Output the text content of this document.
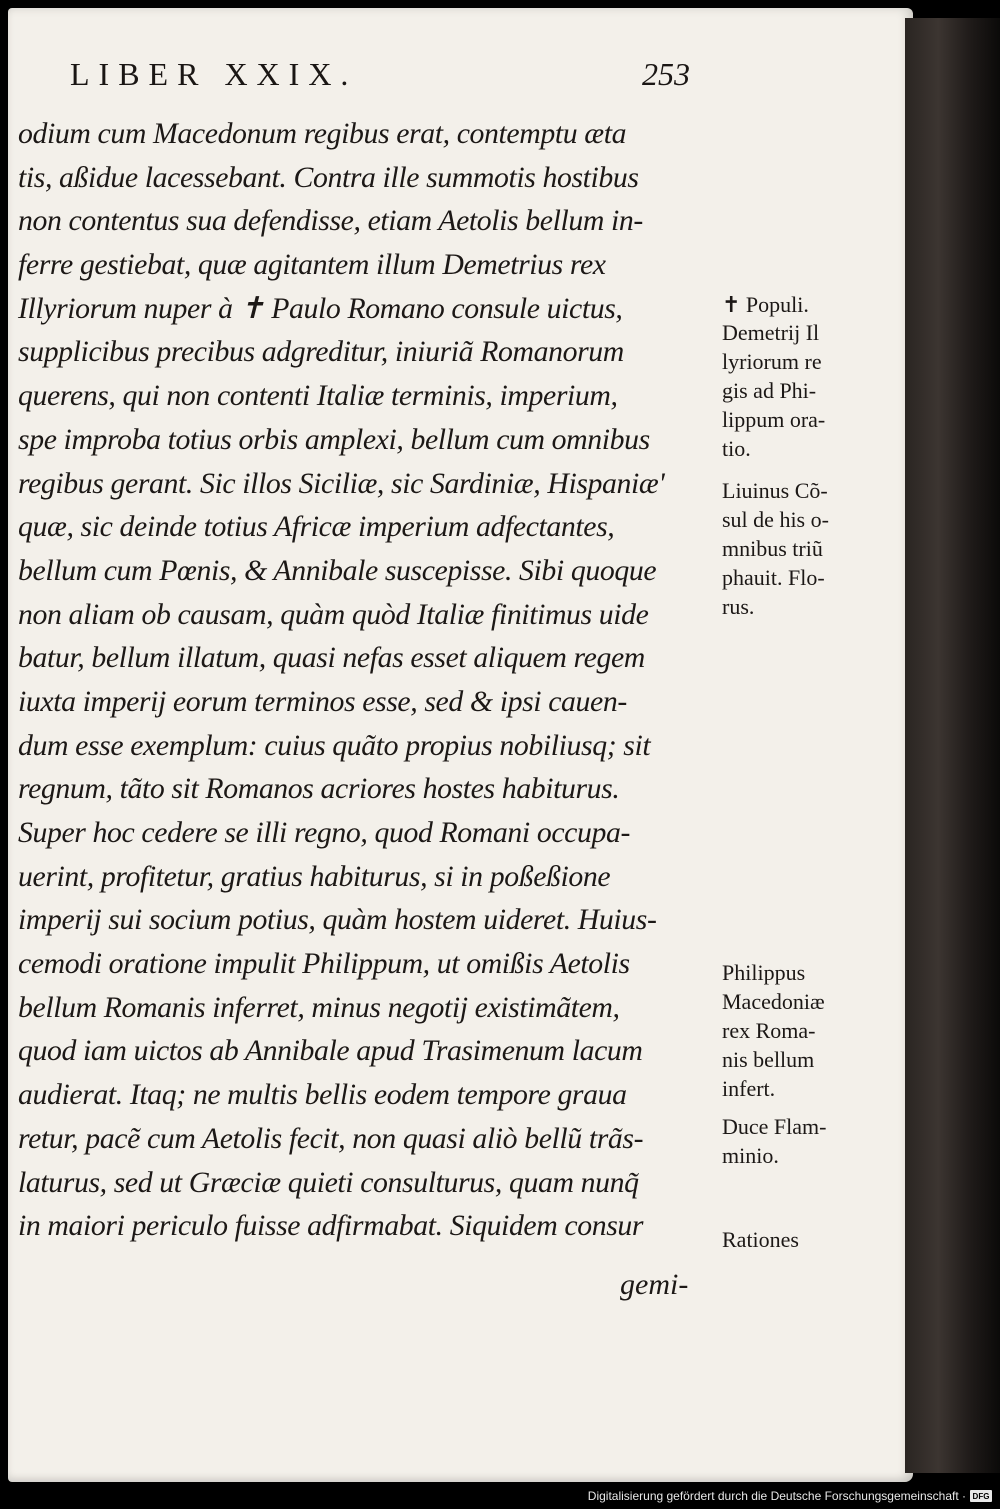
LIBER XXIX.	253
odium cum Macedonum regibus erat, contemptu æta
tis, aßidue lacessebant. Contra ille summotis hostibus
non contentus sua defendisse, etiam Aetolis bellum in-
ferre gestiebat, quæ agitantem illum Demetrius rex
Illyriorum nuper à ✝ Paulo Romano consule uictus,
supplicibus precibus adgreditur, iniuriã Romanorum
querens, qui non contenti Italiæ terminis, imperium,
spe improba totius orbis amplexi, bellum cum omnibus
regibus gerant. Sic illos Siciliæ, sic Sardiniæ, Hispaniæ'
quæ, sic deinde totius Africæ imperium adfectantes,
bellum cum Pœnis, & Annibale suscepisse. Sibi quoque
non aliam ob causam, quàm quòd Italiæ finitimus uide
batur, bellum illatum, quasi nefas esset aliquem regem
iuxta imperij eorum terminos esse, sed & ipsi cauen-
dum esse exemplum: cuius quãto propius nobiliusq; sit
regnum, tãto sit Romanos acriores hostes habiturus.
Super hoc cedere se illi regno, quod Romani occupa-
uerint, profitetur, gratius habiturus, si in poßeßione
imperij sui socium potius, quàm hostem uideret. Huius-
cemodi oratione impulit Philippum, ut omißis Aetolis
bellum Romanis inferret, minus negotij existimãtem,
quod iam uictos ab Annibale apud Trasimenum lacum
audierat. Itaq; ne multis bellis eodem tempore graua
retur, pacẽ cum Aetolis fecit, non quasi aliò bellũ trãs-
laturus, sed ut Græciæ quieti consulturus, quam nunq̃
in maiori periculo fuisse adfirmabat. Siquidem consur
gemi-
✝ Populi.
Demetrij Il
lyriorum re
gis ad Phi-
lippum ora-
tio.
Liuinus Cõ-
sul de his o-
mnibus triũ
phauit. Flo-
rus.
Philippus
Macedoniæ
rex Roma-
nis bellum
infert.
Duce Flam-
minio.
Rationes
Digitalisierung gefördert durch die Deutsche Forschungsgemeinschaft · DFG
